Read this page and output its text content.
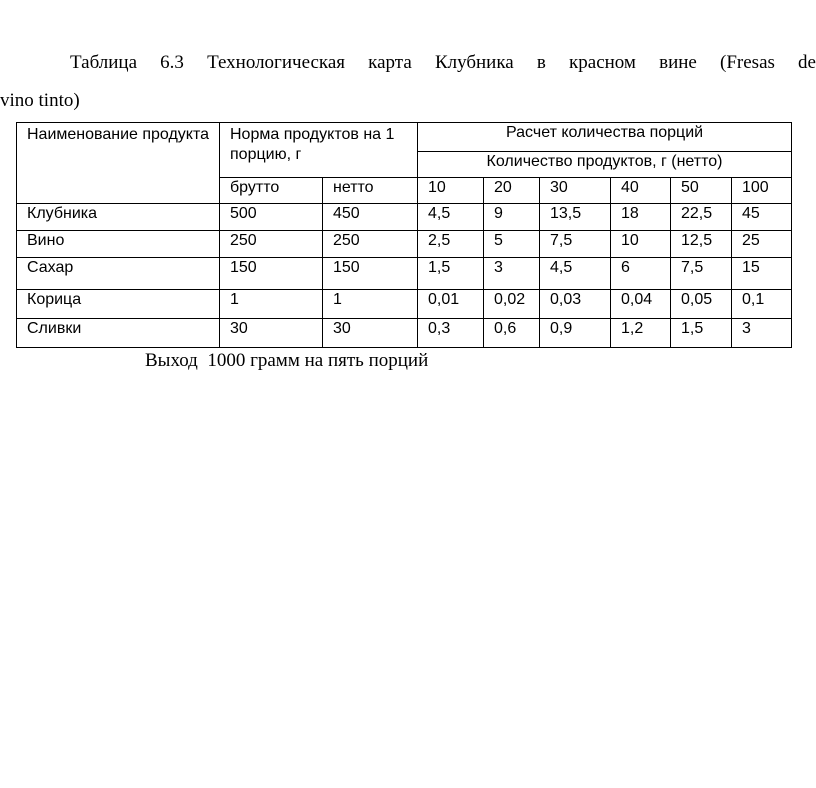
Таблица 6.3 Технологическая карта Клубника в красном вине (Fresas de
vino tinto)

Наименование продукта	Норма продуктов на 1 порцию, г		Расчет количества порций					
			Количество продуктов, г (нетто)					
	брутто	нетто	10	20	30	40	50	100
Клубника	500	450	4,5	9	13,5	18	22,5	45
Вино	250	250	2,5	5	7,5	10	12,5	25
Сахар	150	150	1,5	3	4,5	6	7,5	15
Корица	1	1	0,01	0,02	0,03	0,04	0,05	0,1
Сливки	30	30	0,3	0,6	0,9	1,2	1,5	3
Выход  1000 грамм на пять порций
